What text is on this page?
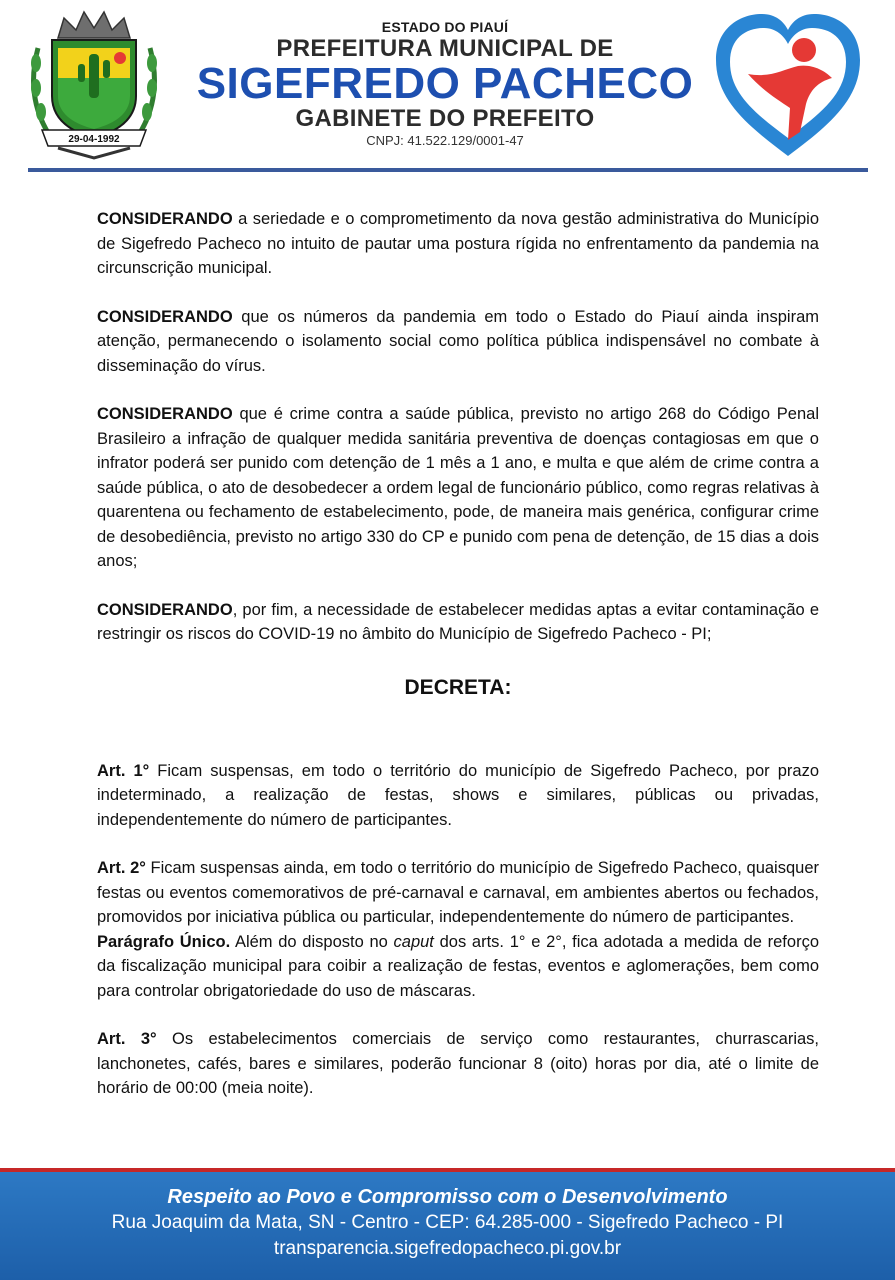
29-04-1992
ESTADO DO PIAUÍ
PREFEITURA MUNICIPAL DE
SIGEFREDO PACHECO
GABINETE DO PREFEITO
CNPJ: 41.522.129/0001-47

CONSIDERANDO a seriedade e o comprometimento da nova gestão administrativa do Município de Sigefredo Pacheco no intuito de pautar uma postura rígida no enfrentamento da pandemia na circunscrição municipal.

CONSIDERANDO que os números da pandemia em todo o Estado do Piauí ainda inspiram atenção, permanecendo o isolamento social como política pública indispensável no combate à disseminação do vírus.

CONSIDERANDO que é crime contra a saúde pública, previsto no artigo 268 do Código Penal Brasileiro a infração de qualquer medida sanitária preventiva de doenças contagiosas em que o infrator poderá ser punido com detenção de 1 mês a 1 ano, e multa e que além de crime contra a saúde pública, o ato de desobedecer a ordem legal de funcionário público, como regras relativas à quarentena ou fechamento de estabelecimento, pode, de maneira mais genérica, configurar crime de desobediência, previsto no artigo 330 do CP e punido com pena de detenção, de 15 dias a dois anos;

CONSIDERANDO, por fim, a necessidade de estabelecer medidas aptas a evitar contaminação e restringir os riscos do COVID-19 no âmbito do Município de Sigefredo Pacheco - PI;

DECRETA:

Art. 1° Ficam suspensas, em todo o território do município de Sigefredo Pacheco, por prazo indeterminado, a realização de festas, shows e similares, públicas ou privadas, independentemente do número de participantes.

Art. 2° Ficam suspensas ainda, em todo o território do município de Sigefredo Pacheco, quaisquer festas ou eventos comemorativos de pré-carnaval e carnaval, em ambientes abertos ou fechados, promovidos por iniciativa pública ou particular, independentemente do número de participantes.

Parágrafo Único. Além do disposto no caput dos arts. 1° e 2°, fica adotada a medida de reforço da fiscalização municipal para coibir a realização de festas, eventos e aglomerações, bem como para controlar obrigatoriedade do uso de máscaras.

Art. 3° Os estabelecimentos comerciais de serviço como restaurantes, churrascarias, lanchonetes, cafés, bares e similares, poderão funcionar 8 (oito) horas por dia, até o limite de horário de 00:00 (meia noite).

Respeito ao Povo e Compromisso com o Desenvolvimento
Rua Joaquim da Mata, SN - Centro - CEP: 64.285-000 - Sigefredo Pacheco - PI
transparencia.sigefredopacheco.pi.gov.br
